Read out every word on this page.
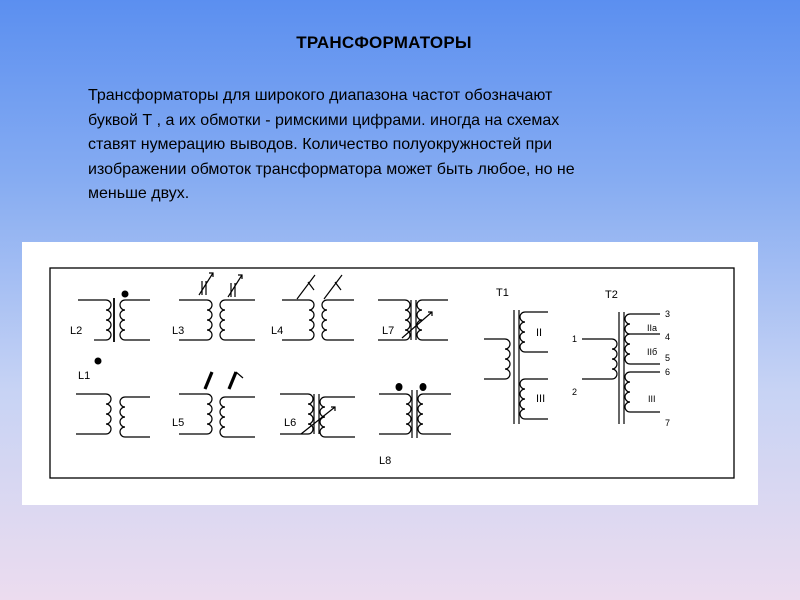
ТРАНСФОРМАТОРЫ
Трансформаторы для широкого диапазона частот обозначают
буквой Т , а их обмотки - римскими цифрами. иногда на схемах
ставят нумерацию выводов. Количество полуокружностей при
изображении обмоток трансформатора может быть любое, но не
меньше двух.
L2
L1
L3	L4	L7
L5	L6
L8
T1
II
III
T2
IIа
IIб
III
1
2
3
4
5
6
7
